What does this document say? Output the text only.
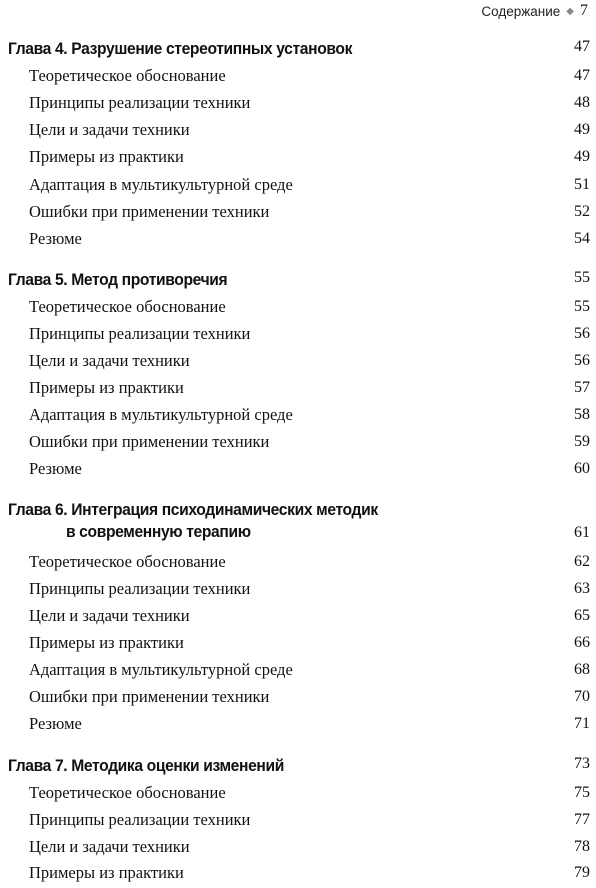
Содержание ◆ 7
Глава 4. Разрушение стереотипных установок	47
Теоретическое обоснование	47
Принципы реализации техники	48
Цели и задачи техники	49
Примеры из практики	49
Адаптация в мультикультурной среде	51
Ошибки при применении техники	52
Резюме	54
Глава 5. Метод противоречия	55
Теоретическое обоснование	55
Принципы реализации техники	56
Цели и задачи техники	56
Примеры из практики	57
Адаптация в мультикультурной среде	58
Ошибки при применении техники	59
Резюме	60
Глава 6. Интеграция психодинамических методик
в современную терапию	61
Теоретическое обоснование	62
Принципы реализации техники	63
Цели и задачи техники	65
Примеры из практики	66
Адаптация в мультикультурной среде	68
Ошибки при применении техники	70
Резюме	71
Глава 7. Методика оценки изменений	73
Теоретическое обоснование	75
Принципы реализации техники	77
Цели и задачи техники	78
Примеры из практики	79
